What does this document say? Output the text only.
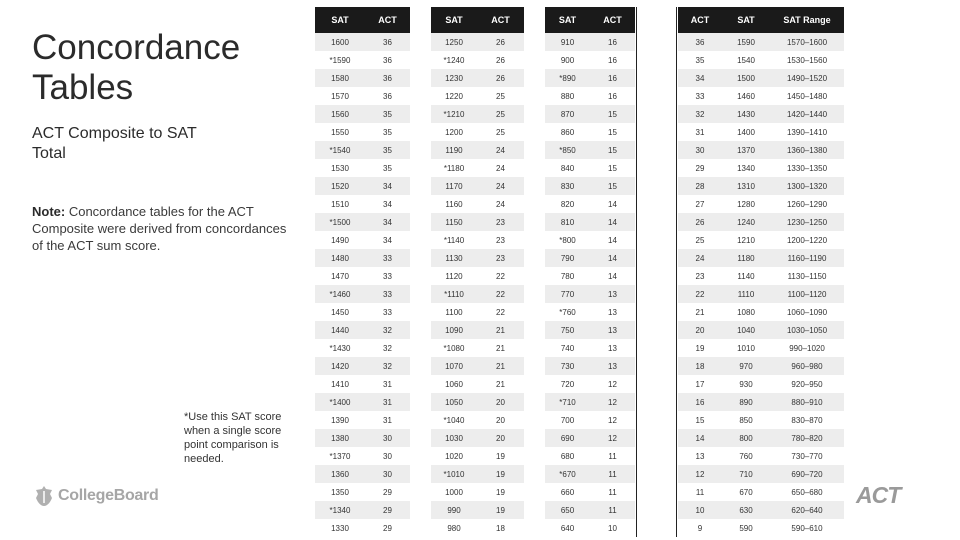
Concordance
Tables
ACT Composite to SAT
Total
Note: Concordance tables for the ACT Composite were derived from concordances of the ACT sum score.
*Use this SAT score when a single score point comparison is needed.
CollegeBoard	ACT
SAT	ACT
1600	36
*1590	36
1580	36
1570	36
1560	35
1550	35
*1540	35
1530	35
1520	34
1510	34
*1500	34
1490	34
1480	33
1470	33
*1460	33
1450	33
1440	32
*1430	32
1420	32
1410	31
*1400	31
1390	31
1380	30
*1370	30
1360	30
1350	29
*1340	29
1330	29
SAT	ACT
1250	26
*1240	26
1230	26
1220	25
*1210	25
1200	25
1190	24
*1180	24
1170	24
1160	24
1150	23
*1140	23
1130	23
1120	22
*1110	22
1100	22
1090	21
*1080	21
1070	21
1060	21
1050	20
*1040	20
1030	20
1020	19
*1010	19
1000	19
990	19
980	18
SAT	ACT
910	16
900	16
*890	16
880	16
870	15
860	15
*850	15
840	15
830	15
820	14
810	14
*800	14
790	14
780	14
770	13
*760	13
750	13
740	13
730	13
720	12
*710	12
700	12
690	12
680	11
*670	11
660	11
650	11
640	10
ACT	SAT	SAT Range
36	1590	1570–1600
35	1540	1530–1560
34	1500	1490–1520
33	1460	1450–1480
32	1430	1420–1440
31	1400	1390–1410
30	1370	1360–1380
29	1340	1330–1350
28	1310	1300–1320
27	1280	1260–1290
26	1240	1230–1250
25	1210	1200–1220
24	1180	1160–1190
23	1140	1130–1150
22	1110	1100–1120
21	1080	1060–1090
20	1040	1030–1050
19	1010	990–1020
18	970	960–980
17	930	920–950
16	890	880–910
15	850	830–870
14	800	780–820
13	760	730–770
12	710	690–720
11	670	650–680
10	630	620–640
9	590	590–610
